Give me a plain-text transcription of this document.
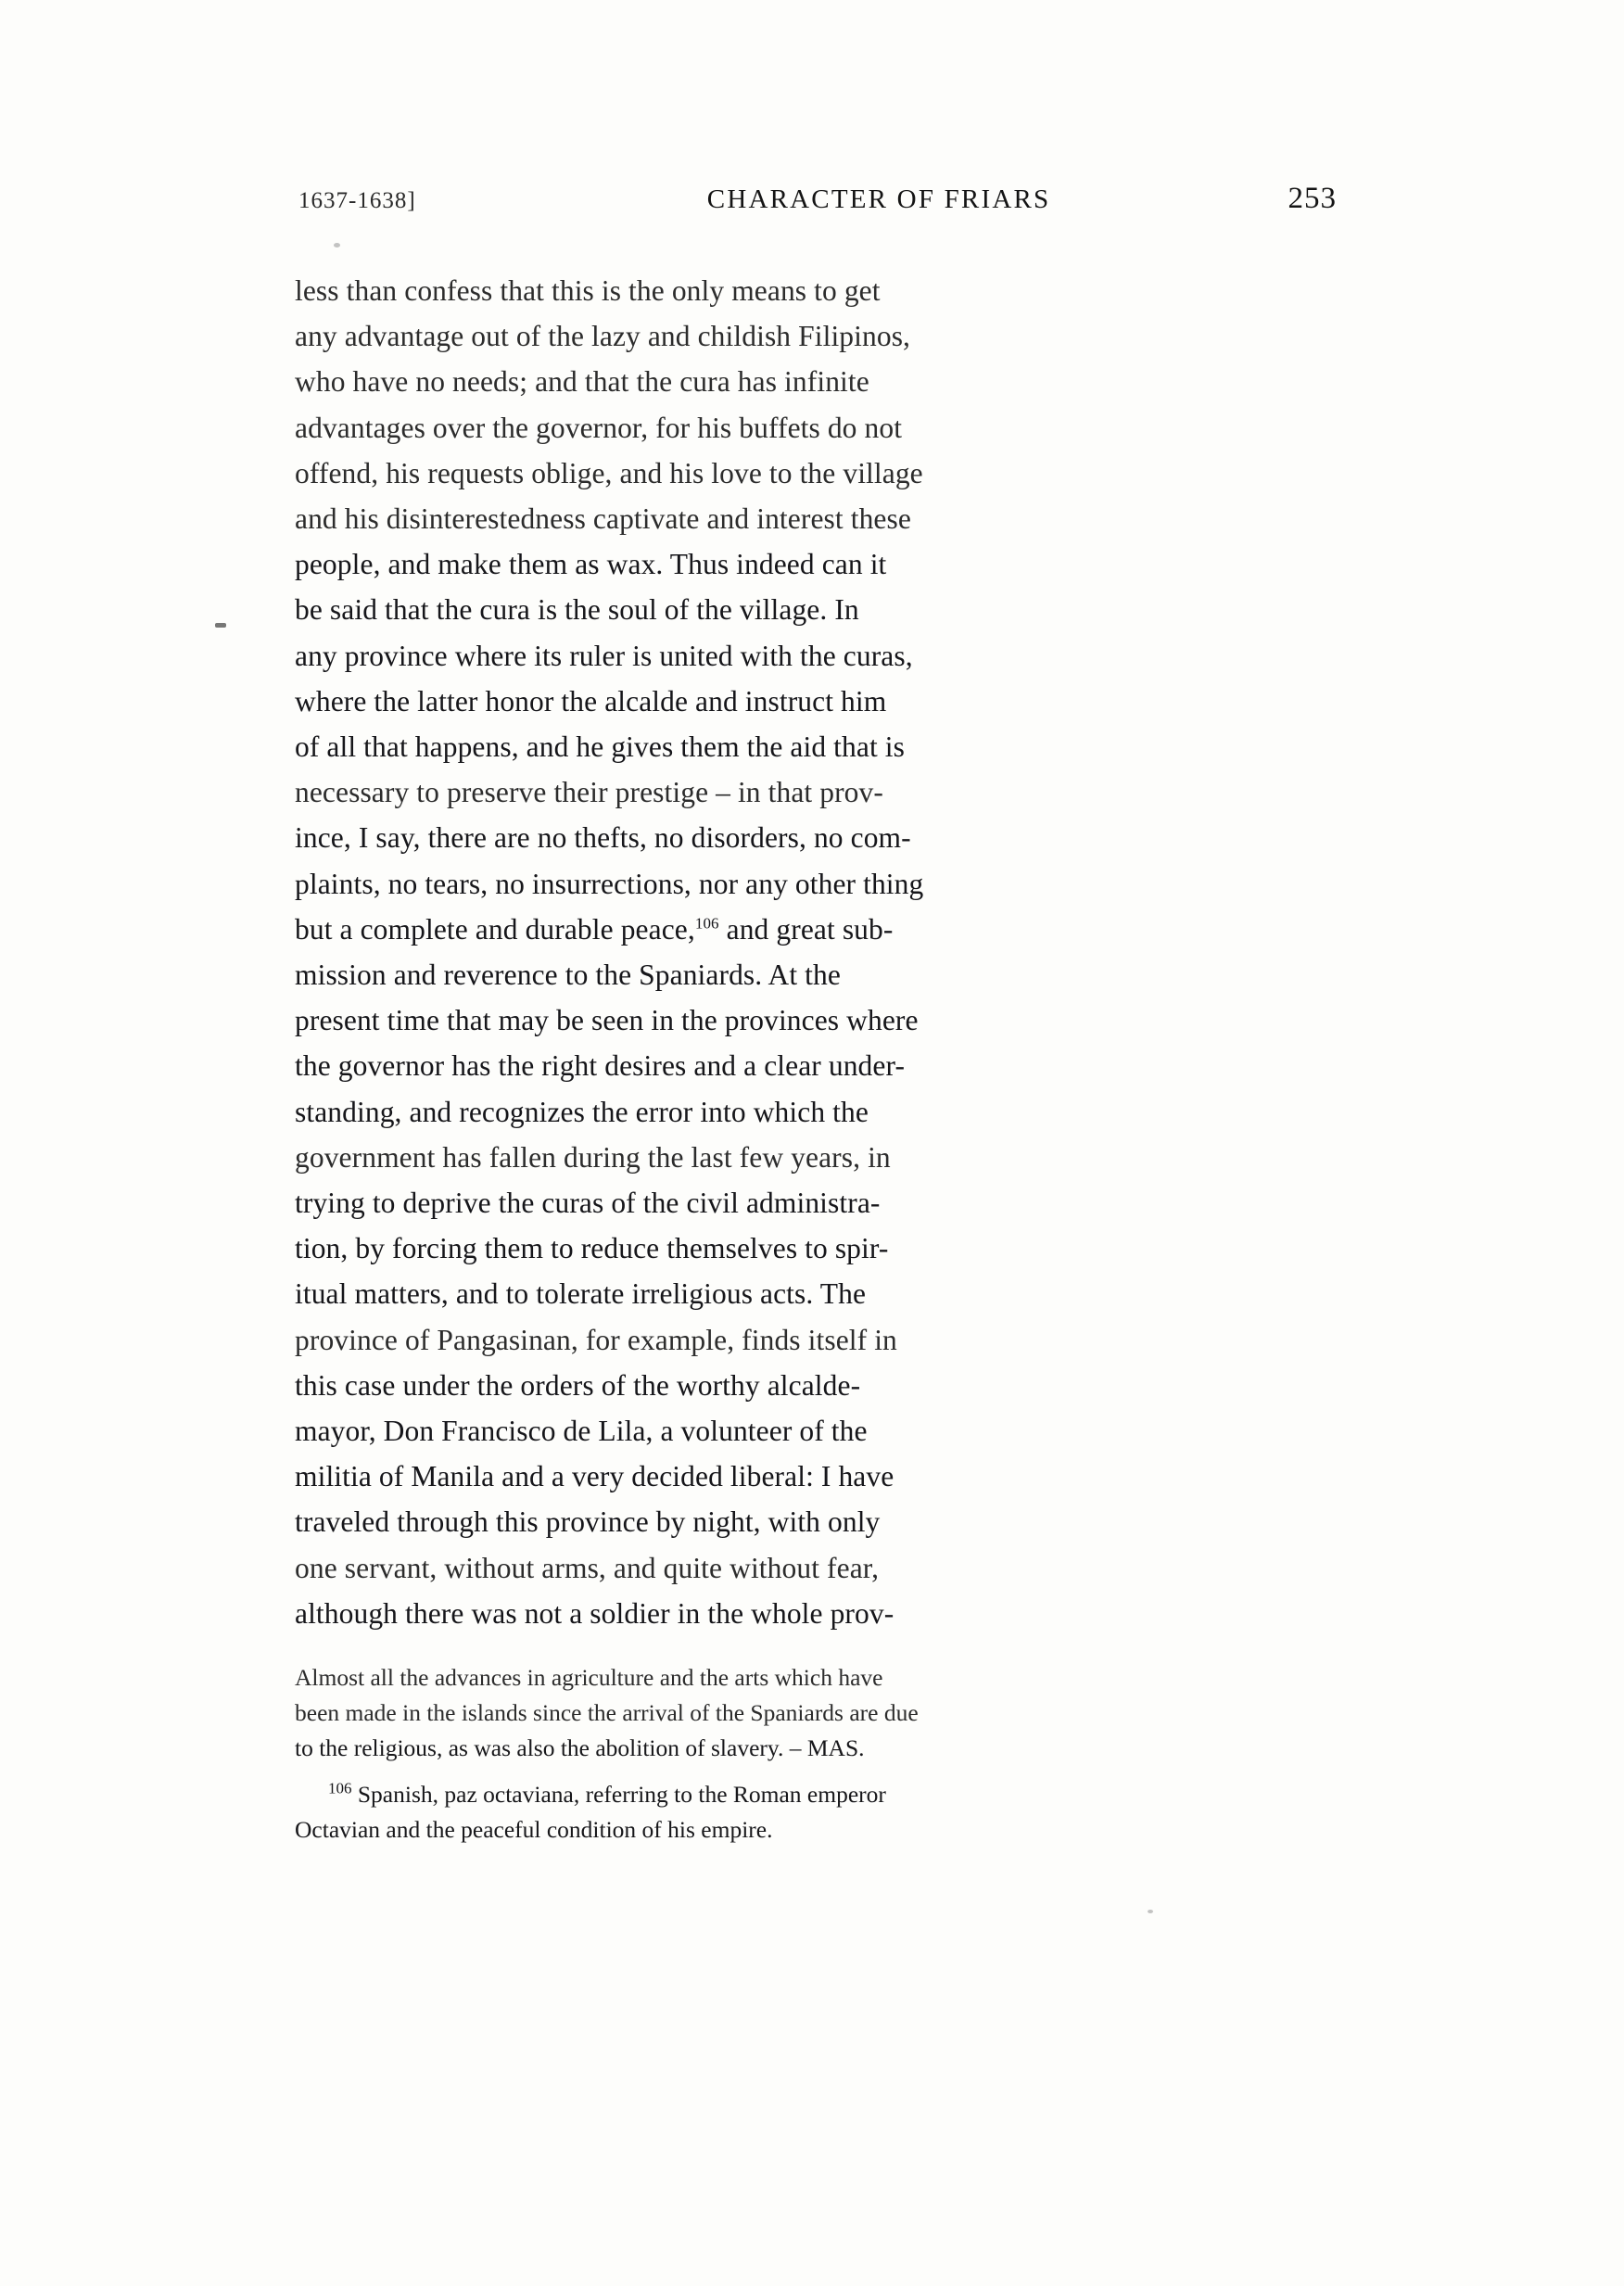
1637-1638]	CHARACTER OF FRIARS	253

less than confess that this is the only means to get
any advantage out of the lazy and childish Filipinos,
who have no needs; and that the cura has infinite
advantages over the governor, for his buffets do not
offend, his requests oblige, and his love to the village
and his disinterestedness captivate and interest these
people, and make them as wax. Thus indeed can it
be said that the cura is the soul of the village. In
any province where its ruler is united with the curas,
where the latter honor the alcalde and instruct him
of all that happens, and he gives them the aid that is
necessary to preserve their prestige – in that prov-
ince, I say, there are no thefts, no disorders, no com-
plaints, no tears, no insurrections, nor any other thing
but a complete and durable peace,$^{106}$ and great sub-
mission and reverence to the Spaniards. At the
present time that may be seen in the provinces where
the governor has the right desires and a clear under-
standing, and recognizes the error into which the
government has fallen during the last few years, in
trying to deprive the curas of the civil administra-
tion, by forcing them to reduce themselves to spir-
itual matters, and to tolerate irreligious acts. The
province of Pangasinan, for example, finds itself in
this case under the orders of the worthy alcalde-
mayor, Don Francisco de Lila, a volunteer of the
militia of Manila and a very decided liberal: I have
traveled through this province by night, with only
one servant, without arms, and quite without fear,
although there was not a soldier in the whole prov-

Almost all the advances in agriculture and the arts which have
been made in the islands since the arrival of the Spaniards are due
to the religious, as was also the abolition of slavery. – MAS.

$^{106}$ Spanish, paz octaviana, referring to the Roman emperor
Octavian and the peaceful condition of his empire.
